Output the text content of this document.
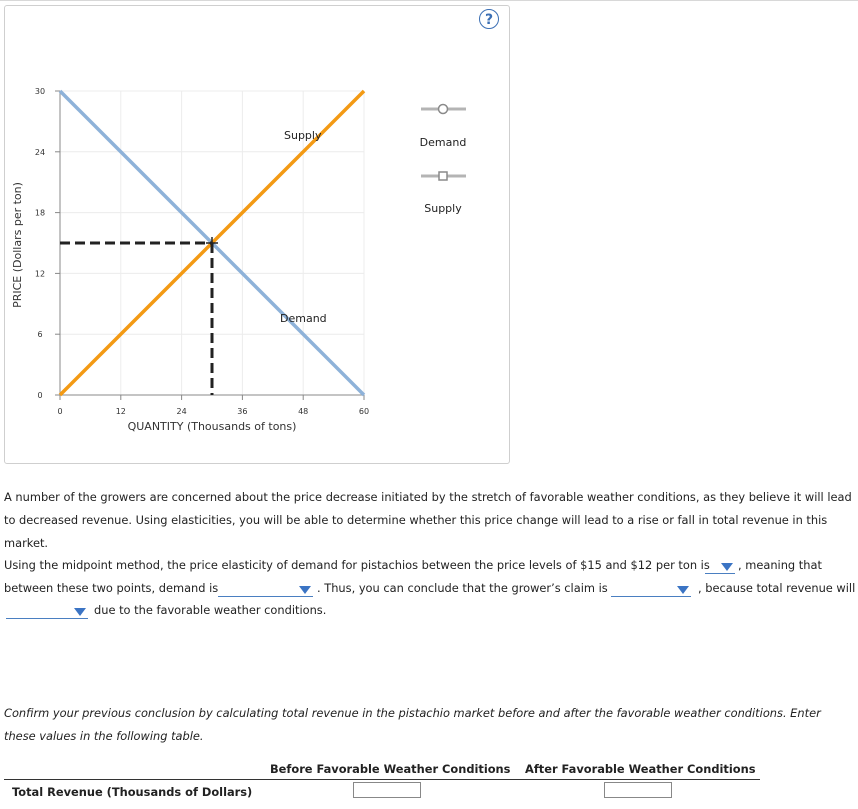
?
PRICE (Dollars per ton)
QUANTITY (Thousands of tons)
0
6
12
18
24
30
0	12	24	36	48	60
Supply
Demand
Demand
Supply

A number of the growers are concerned about the price decrease initiated by the stretch of favorable weather conditions, as they believe it will lead to decreased revenue. Using elasticities, you will be able to determine whether this price change will lead to a rise or fall in total revenue in this market.

Using the midpoint method, the price elasticity of demand for pistachios between the price levels of $15 and $12 per ton is , meaning that
between these two points, demand is	. Thus, you can conclude that the grower’s claim is	, because total revenue will
due to the favorable weather conditions.

Confirm your previous conclusion by calculating total revenue in the pistachio market before and after the favorable weather conditions. Enter these values in the following table.

Before Favorable Weather Conditions After Favorable Weather Conditions
Total Revenue (Thousands of Dollars)
